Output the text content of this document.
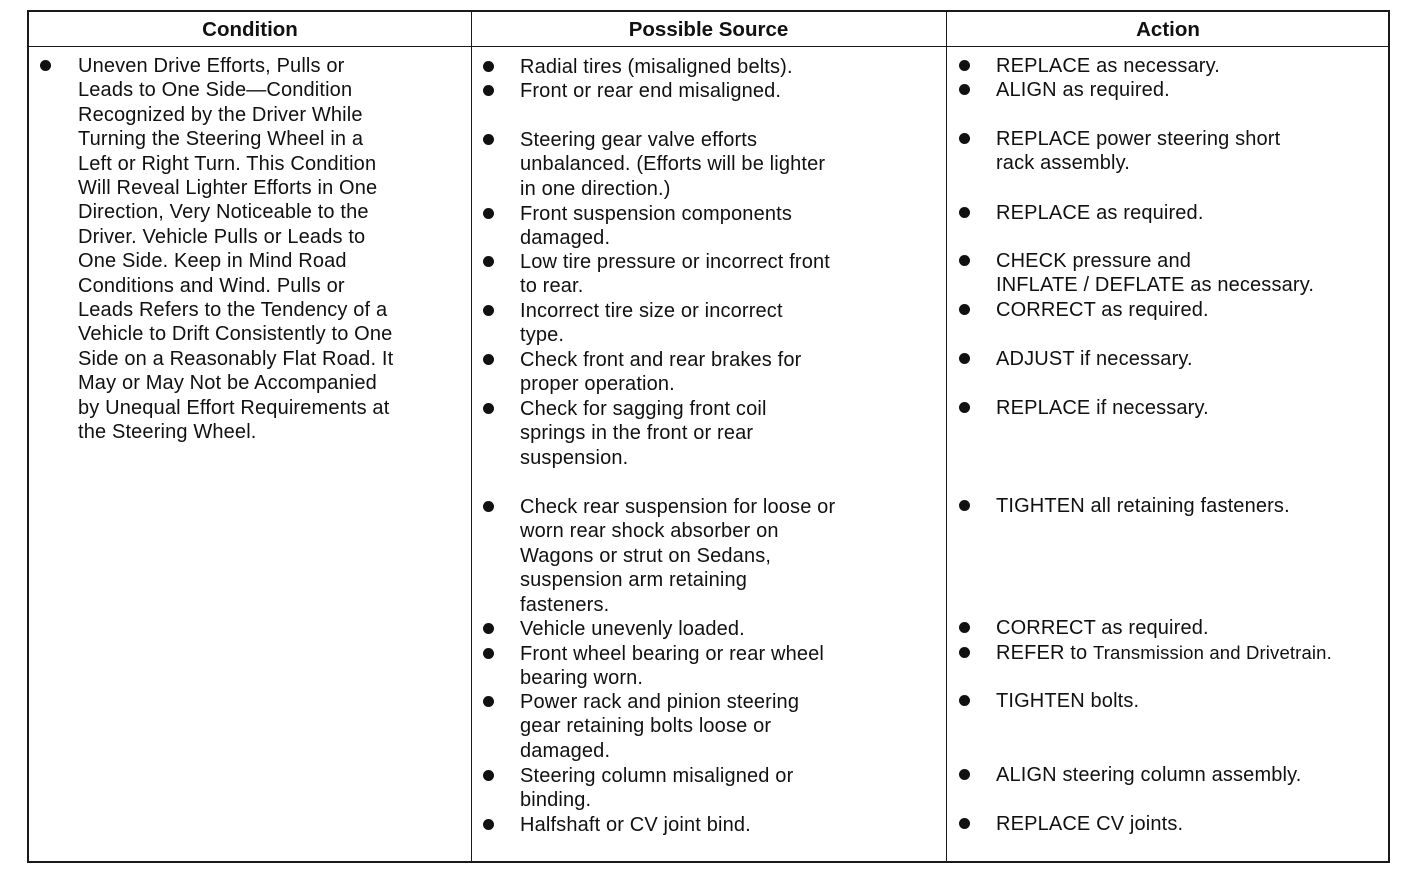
Condition	Possible Source	Action
Uneven Drive Efforts, Pulls or
Leads to One Side—Condition
Recognized by the Driver While
Turning the Steering Wheel in a
Left or Right Turn. This Condition
Will Reveal Lighter Efforts in One
Direction, Very Noticeable to the
Driver. Vehicle Pulls or Leads to
One Side. Keep in Mind Road
Conditions and Wind. Pulls or
Leads Refers to the Tendency of a
Vehicle to Drift Consistently to One
Side on a Reasonably Flat Road. It
May or May Not be Accompanied
by Unequal Effort Requirements at
the Steering Wheel.
Radial tires (misaligned belts).
Front or rear end misaligned.
Steering gear valve efforts
unbalanced. (Efforts will be lighter
in one direction.)
Front suspension components
damaged.
Low tire pressure or incorrect front
to rear.
Incorrect tire size or incorrect
type.
Check front and rear brakes for
proper operation.
Check for sagging front coil
springs in the front or rear
suspension.
Check rear suspension for loose or
worn rear shock absorber on
Wagons or strut on Sedans,
suspension arm retaining
fasteners.
Vehicle unevenly loaded.
Front wheel bearing or rear wheel
bearing worn.
Power rack and pinion steering
gear retaining bolts loose or
damaged.
Steering column misaligned or
binding.
Halfshaft or CV joint bind.
REPLACE as necessary.
ALIGN as required.
REPLACE power steering short
rack assembly.
REPLACE as required.
CHECK pressure and
INFLATE / DEFLATE as necessary.
CORRECT as required.
ADJUST if necessary.
REPLACE if necessary.
TIGHTEN all retaining fasteners.
CORRECT as required.
REFER to Transmission and Drivetrain.
TIGHTEN bolts.
ALIGN steering column assembly.
REPLACE CV joints.
